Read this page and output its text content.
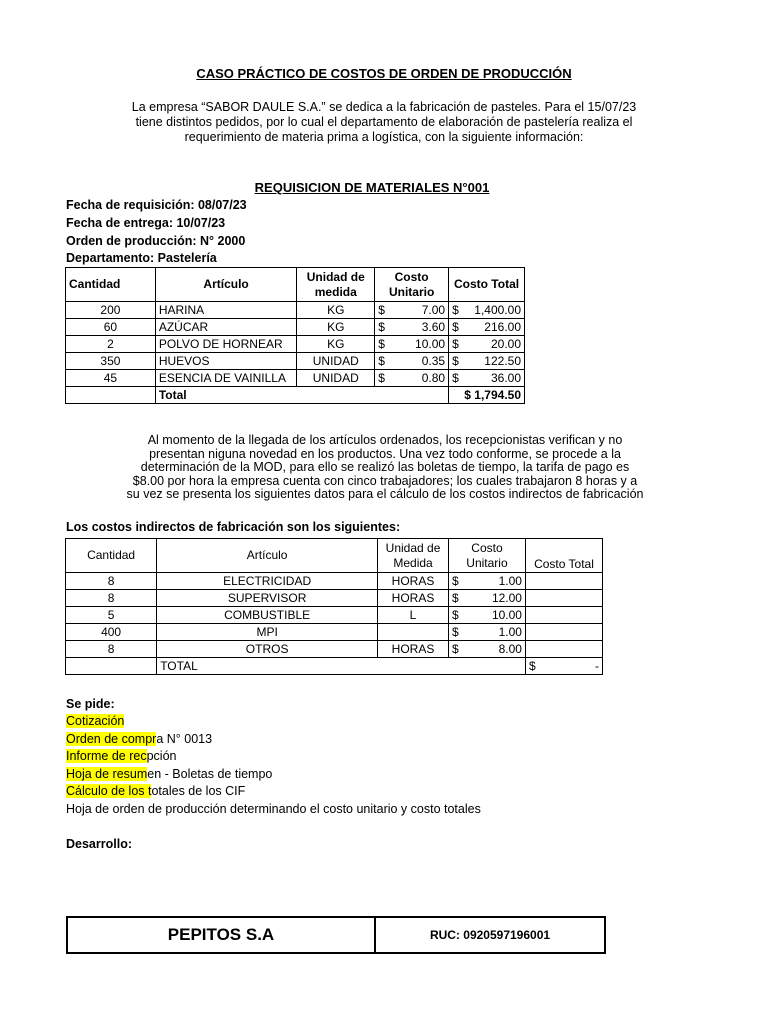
CASO PRÁCTICO DE COSTOS DE ORDEN DE PRODUCCIÓN
La empresa “SABOR DAULE S.A.” se dedica a la fabricación de pasteles. Para el 15/07/23
tiene distintos pedidos, por lo cual el departamento de elaboración de pastelería realiza el
requerimiento de materia prima a logística, con la siguiente información:
REQUISICION DE MATERIALES N°001
Fecha de requisición: 08/07/23
Fecha de entrega: 10/07/23
Orden de producción: N° 2000
Departamento: Pastelería
Cantidad	Artículo	Unidad de medida	Costo Unitario	Costo Total
200	HARINA	KG	$ 7.00	$ 1,400.00

60	AZÚCAR	KG	$ 3.60	$ 216.00

2	POLVO DE HORNEAR	KG	$ 10.00	$ 20.00

350	HUEVOS	UNIDAD	$ 0.35	$ 122.50

45	ESENCIA DE VAINILLA	UNIDAD	$ 0.80	$ 36.00

	Total			$ 1,794.50
Al momento de la llegada de los artículos ordenados, los recepcionistas verifican y no
presentan niguna novedad en los productos. Una vez todo conforme, se procede a la
determinación de la MOD, para ello se realizó las boletas de tiempo, la tarifa de pago es
$8.00 por hora la empresa cuenta con cinco trabajadores; los cuales trabajaron 8 horas y a
su vez se presenta los siguientes datos para el cálculo de los costos indirectos de fabricación
Los costos indirectos de fabricación son los siguientes:
Cantidad	Artículo	Unidad de Medida	Costo Unitario	Costo Total
8	ELECTRICIDAD	HORAS	$ 1.00	

8	SUPERVISOR	HORAS	$ 12.00	

5	COMBUSTIBLE	L	$ 10.00	

400	MPI		$ 1.00	

8	OTROS	HORAS	$ 8.00	

	TOTAL			$ -
Se pide:
Cotización
Orden de compra N° 0013
Informe de recpción
Hoja de resumen - Boletas de tiempo
Cálculo de los totales de los CIF
Hoja de orden de producción determinando el costo unitario y costo totales
Desarrollo:
PEPITOS S.A	RUC: 0920597196001
